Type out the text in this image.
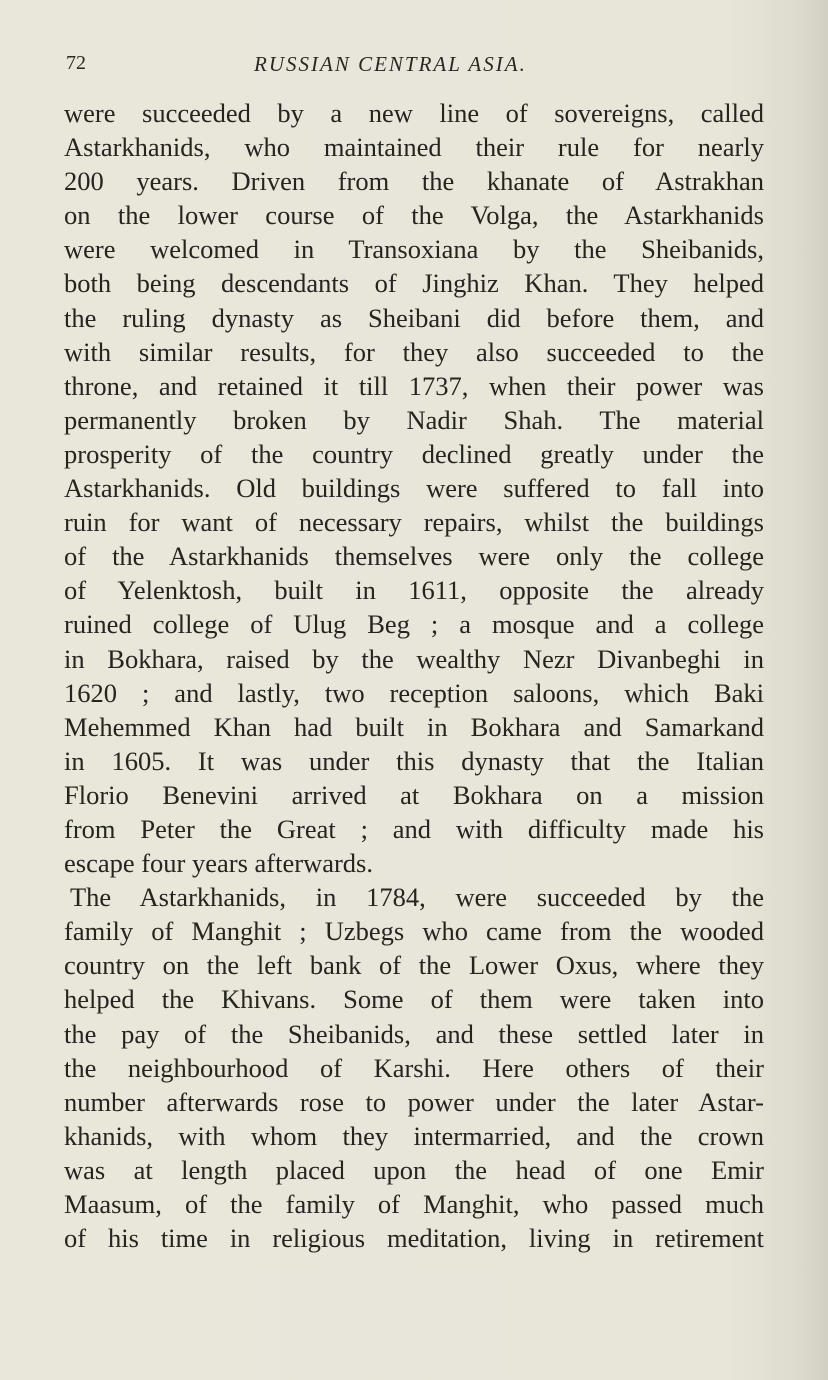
72	RUSSIAN CENTRAL ASIA.
were succeeded by a new line of sovereigns, called
Astarkhanids, who maintained their rule for nearly
200 years. Driven from the khanate of Astrakhan
on the lower course of the Volga, the Astarkhanids
were welcomed in Transoxiana by the Sheibanids,
both being descendants of Jinghiz Khan. They helped
the ruling dynasty as Sheibani did before them, and
with similar results, for they also succeeded to the
throne, and retained it till 1737, when their power was
permanently broken by Nadir Shah. The material
prosperity of the country declined greatly under the
Astarkhanids. Old buildings were suffered to fall into
ruin for want of necessary repairs, whilst the buildings
of the Astarkhanids themselves were only the college
of Yelenktosh, built in 1611, opposite the already
ruined college of Ulug Beg ; a mosque and a college
in Bokhara, raised by the wealthy Nezr Divanbeghi in
1620 ; and lastly, two reception saloons, which Baki
Mehemmed Khan had built in Bokhara and Samarkand
in 1605. It was under this dynasty that the Italian
Florio Benevini arrived at Bokhara on a mission
from Peter the Great ; and with difficulty made his
escape four years afterwards.
The Astarkhanids, in 1784, were succeeded by the
family of Manghit ; Uzbegs who came from the wooded
country on the left bank of the Lower Oxus, where they
helped the Khivans. Some of them were taken into
the pay of the Sheibanids, and these settled later in
the neighbourhood of Karshi. Here others of their
number afterwards rose to power under the later Astar-
khanids, with whom they intermarried, and the crown
was at length placed upon the head of one Emir
Maasum, of the family of Manghit, who passed much
of his time in religious meditation, living in retirement
